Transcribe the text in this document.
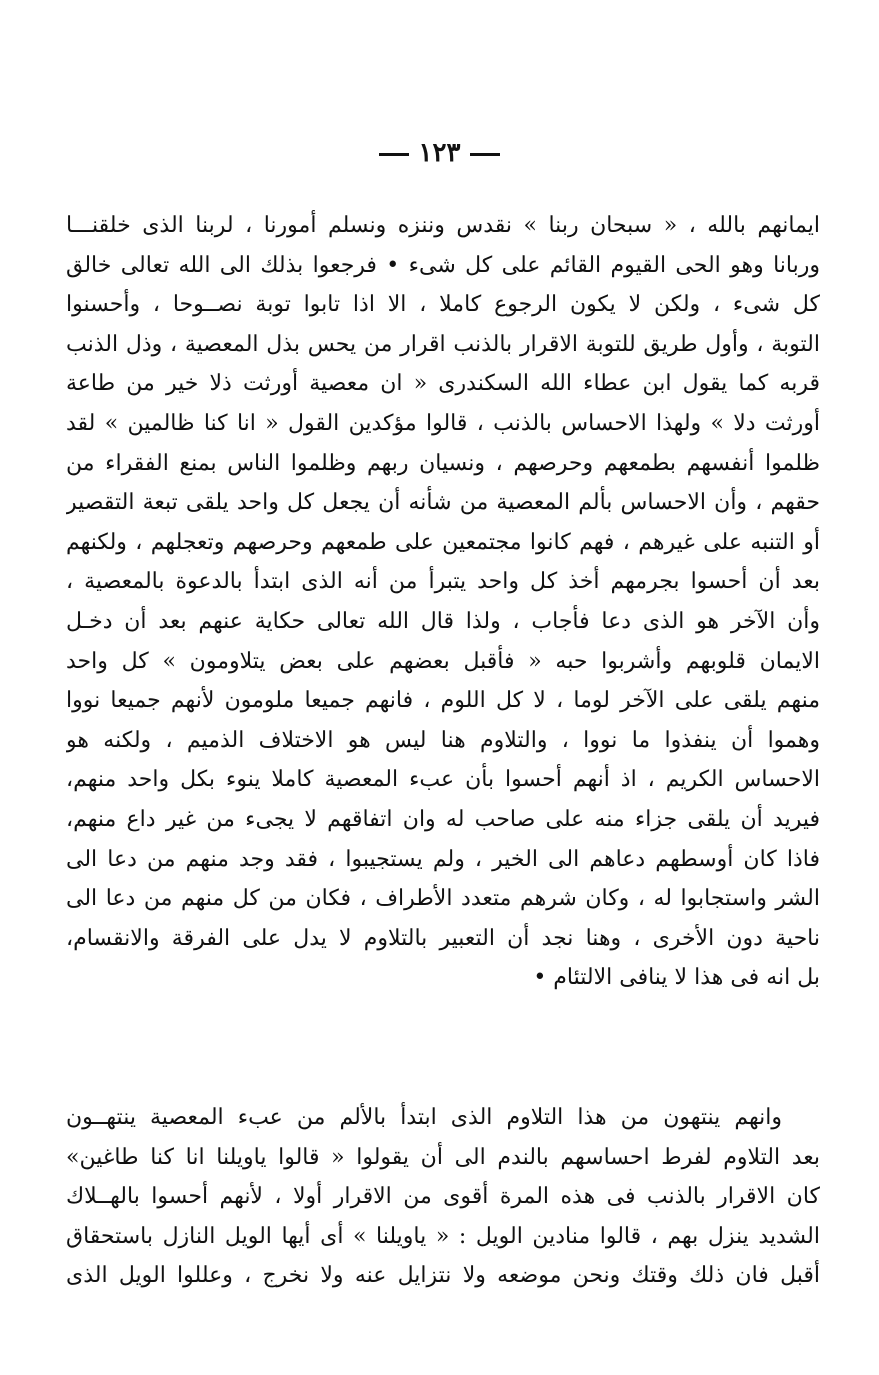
١٢٣
ايمانهم بالله ، « سبحان ربنا » نقدس وننزه ونسلم أمورنا ، لربنا الذى خلقنـــا
وربانا وهو الحى القيوم القائم على كل شىء • فرجعوا بذلك الى الله تعالى خالق
كل شىء ، ولكن لا يكون الرجوع كاملا ، الا اذا تابوا توبة نصــوحا ، وأحسنوا
التوبة ، وأول طريق للتوبة الاقرار بالذنب اقرار من يحس بذل المعصية ، وذل الذنب
قربه كما يقول ابن عطاء الله السكندرى « ان معصية أورثت ذلا خير من طاعة
أورثت دلا » ولهذا الاحساس بالذنب ، قالوا مؤكدين القول « انا كنا ظالمين » لقد
ظلموا أنفسهم بطمعهم وحرصهم ، ونسيان ربهم وظلموا الناس بمنع الفقراء من
حقهم ، وأن الاحساس بألم المعصية من شأنه أن يجعل كل واحد يلقى تبعة التقصير
أو التنبه على غيرهم ، فهم كانوا مجتمعين على طمعهم وحرصهم وتعجلهم ، ولكنهم
بعد أن أحسوا بجرمهم أخذ كل واحد يتبرأ من أنه الذى ابتدأ بالدعوة بالمعصية ،
وأن الآخر هو الذى دعا فأجاب ، ولذا قال الله تعالى حكاية عنهم بعد أن دخـل
الايمان قلوبهم وأشربوا حبه « فأقبل بعضهم على بعض يتلاومون » كل واحد
منهم يلقى على الآخر لوما ، لا كل اللوم ، فانهم جميعا ملومون لأنهم جميعا نووا
وهموا أن ينفذوا ما نووا ، والتلاوم هنا ليس هو الاختلاف الذميم ، ولكنه هو
الاحساس الكريم ، اذ أنهم أحسوا بأن عبء المعصية كاملا ينوء بكل واحد منهم،
فيريد أن يلقى جزاء منه على صاحب له وان اتفاقهم لا يجىء من غير داع منهم،
فاذا كان أوسطهم دعاهم الى الخير ، ولم يستجيبوا ، فقد وجد منهم من دعا الى
الشر واستجابوا له ، وكان شرهم متعدد الأطراف ، فكان من كل منهم من دعا الى
ناحية دون الأخرى ، وهنا نجد أن التعبير بالتلاوم لا يدل على الفرقة والانقسام،
بل انه فى هذا لا ينافى الالتئام •
وانهم ينتهون من هذا التلاوم الذى ابتدأ بالألم من عبء المعصية ينتهــون
بعد التلاوم لفرط احساسهم بالندم الى أن يقولوا « قالوا ياويلنا انا كنا طاغين»
كان الاقرار بالذنب فى هذه المرة أقوى من الاقرار أولا ، لأنهم أحسوا بالهــلاك
الشديد ينزل بهم ، قالوا منادين الويل : « ياويلنا » أى أيها الويل النازل باستحقاق
أقبل فان ذلك وقتك ونحن موضعه ولا نتزايل عنه ولا نخرج ، وعللوا الويل الذى
